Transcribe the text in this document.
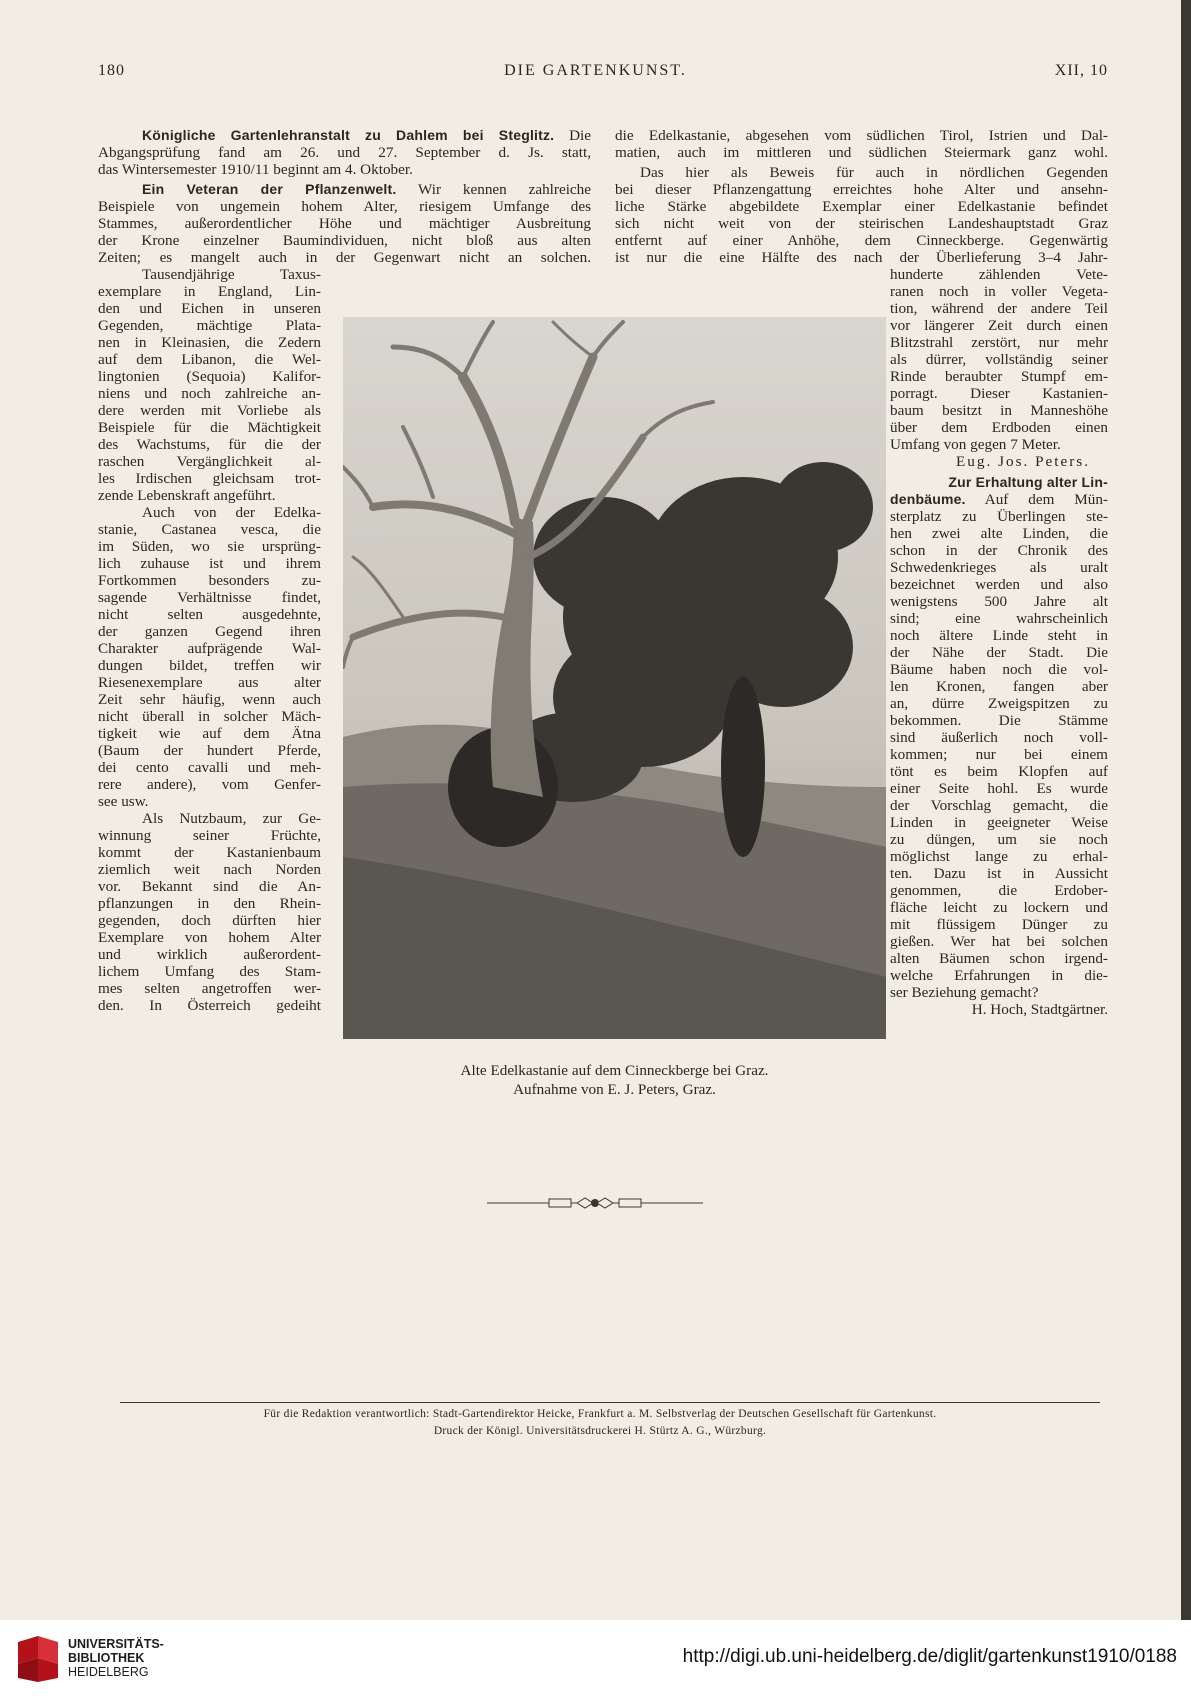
180	DIE GARTENKUNST.	XII, 10
Königliche Gartenlehranstalt zu Dahlem bei Steglitz. Die
Abgangsprüfung fand am 26. und 27. September d. Js. statt,
das Wintersemester 1910/11 beginnt am 4. Oktober.
Ein Veteran der Pflanzenwelt. Wir kennen zahlreiche
Beispiele von ungemein hohem Alter, riesigem Umfange des
Stammes, außerordentlicher Höhe und mächtiger Ausbreitung
der Krone einzelner Baumindividuen, nicht bloß aus alten
Zeiten; es mangelt auch in der Gegenwart nicht an solchen.
Tausendjährige Taxus-
exemplare in England, Lin-
den und Eichen in unseren
Gegenden, mächtige Plata-
nen in Kleinasien, die Zedern
auf dem Libanon, die Wel-
lingtonien (Sequoia) Kalifor-
niens und noch zahlreiche an-
dere werden mit Vorliebe als
Beispiele für die Mächtigkeit
des Wachstums, für die der
raschen Vergänglichkeit al-
les Irdischen gleichsam trot-
zende Lebenskraft angeführt.
Auch von der Edelka-
stanie, Castanea vesca, die
im Süden, wo sie ursprüng-
lich zuhause ist und ihrem
Fortkommen besonders zu-
sagende Verhältnisse findet,
nicht selten ausgedehnte,
der ganzen Gegend ihren
Charakter aufprägende Wal-
dungen bildet, treffen wir
Riesenexemplare aus alter
Zeit sehr häufig, wenn auch
nicht überall in solcher Mäch-
tigkeit wie auf dem Ätna
(Baum der hundert Pferde,
dei cento cavalli und meh-
rere andere), vom Genfer-
see usw.
Als Nutzbaum, zur Ge-
winnung seiner Früchte,
kommt der Kastanienbaum
ziemlich weit nach Norden
vor. Bekannt sind die An-
pflanzungen in den Rhein-
gegenden, doch dürften hier
Exemplare von hohem Alter
und wirklich außerordent-
lichem Umfang des Stam-
mes selten angetroffen wer-
den. In Österreich gedeiht
die Edelkastanie, abgesehen vom südlichen Tirol, Istrien und Dal-
matien, auch im mittleren und südlichen Steiermark ganz wohl.
Das hier als Beweis für auch in nördlichen Gegenden
bei dieser Pflanzengattung erreichtes hohe Alter und ansehn-
liche Stärke abgebildete Exemplar einer Edelkastanie befindet
sich nicht weit von der steirischen Landeshauptstadt Graz
entfernt auf einer Anhöhe, dem Cinneckberge. Gegenwärtig
ist nur die eine Hälfte des nach der Überlieferung 3–4 Jahr-
hunderte zählenden Vete-
ranen noch in voller Vegeta-
tion, während der andere Teil
vor längerer Zeit durch einen
Blitzstrahl zerstört, nur mehr
als dürrer, vollständig seiner
Rinde beraubter Stumpf em-
porragt. Dieser Kastanien-
baum besitzt in Manneshöhe
über dem Erdboden einen
Umfang von gegen 7 Meter.
Eug. Jos. Peters.
Zur Erhaltung alter Lin-
denbäume. Auf dem Mün-
sterplatz zu Überlingen ste-
hen zwei alte Linden, die
schon in der Chronik des
Schwedenkrieges als uralt
bezeichnet werden und also
wenigstens 500 Jahre alt
sind; eine wahrscheinlich
noch ältere Linde steht in
der Nähe der Stadt. Die
Bäume haben noch die vol-
len Kronen, fangen aber
an, dürre Zweigspitzen zu
bekommen. Die Stämme
sind äußerlich noch voll-
kommen; nur bei einem
tönt es beim Klopfen auf
einer Seite hohl. Es wurde
der Vorschlag gemacht, die
Linden in geeigneter Weise
zu düngen, um sie noch
möglichst lange zu erhal-
ten. Dazu ist in Aussicht
genommen, die Erdober-
fläche leicht zu lockern und
mit flüssigem Dünger zu
gießen. Wer hat bei solchen
alten Bäumen schon irgend-
welche Erfahrungen in die-
ser Beziehung gemacht?
H. Hoch, Stadtgärtner.
Alte Edelkastanie auf dem Cinneckberge bei Graz.
Aufnahme von E. J. Peters, Graz.
Für die Redaktion verantwortlich: Stadt-Gartendirektor Heicke, Frankfurt a. M. Selbstverlag der Deutschen Gesellschaft für Gartenkunst.
Druck der Königl. Universitätsdruckerei H. Stürtz A. G., Würzburg.
UNIVERSITÄTS-
BIBLIOTHEK
HEIDELBERG
http://digi.ub.uni-heidelberg.de/diglit/gartenkunst1910/0188
